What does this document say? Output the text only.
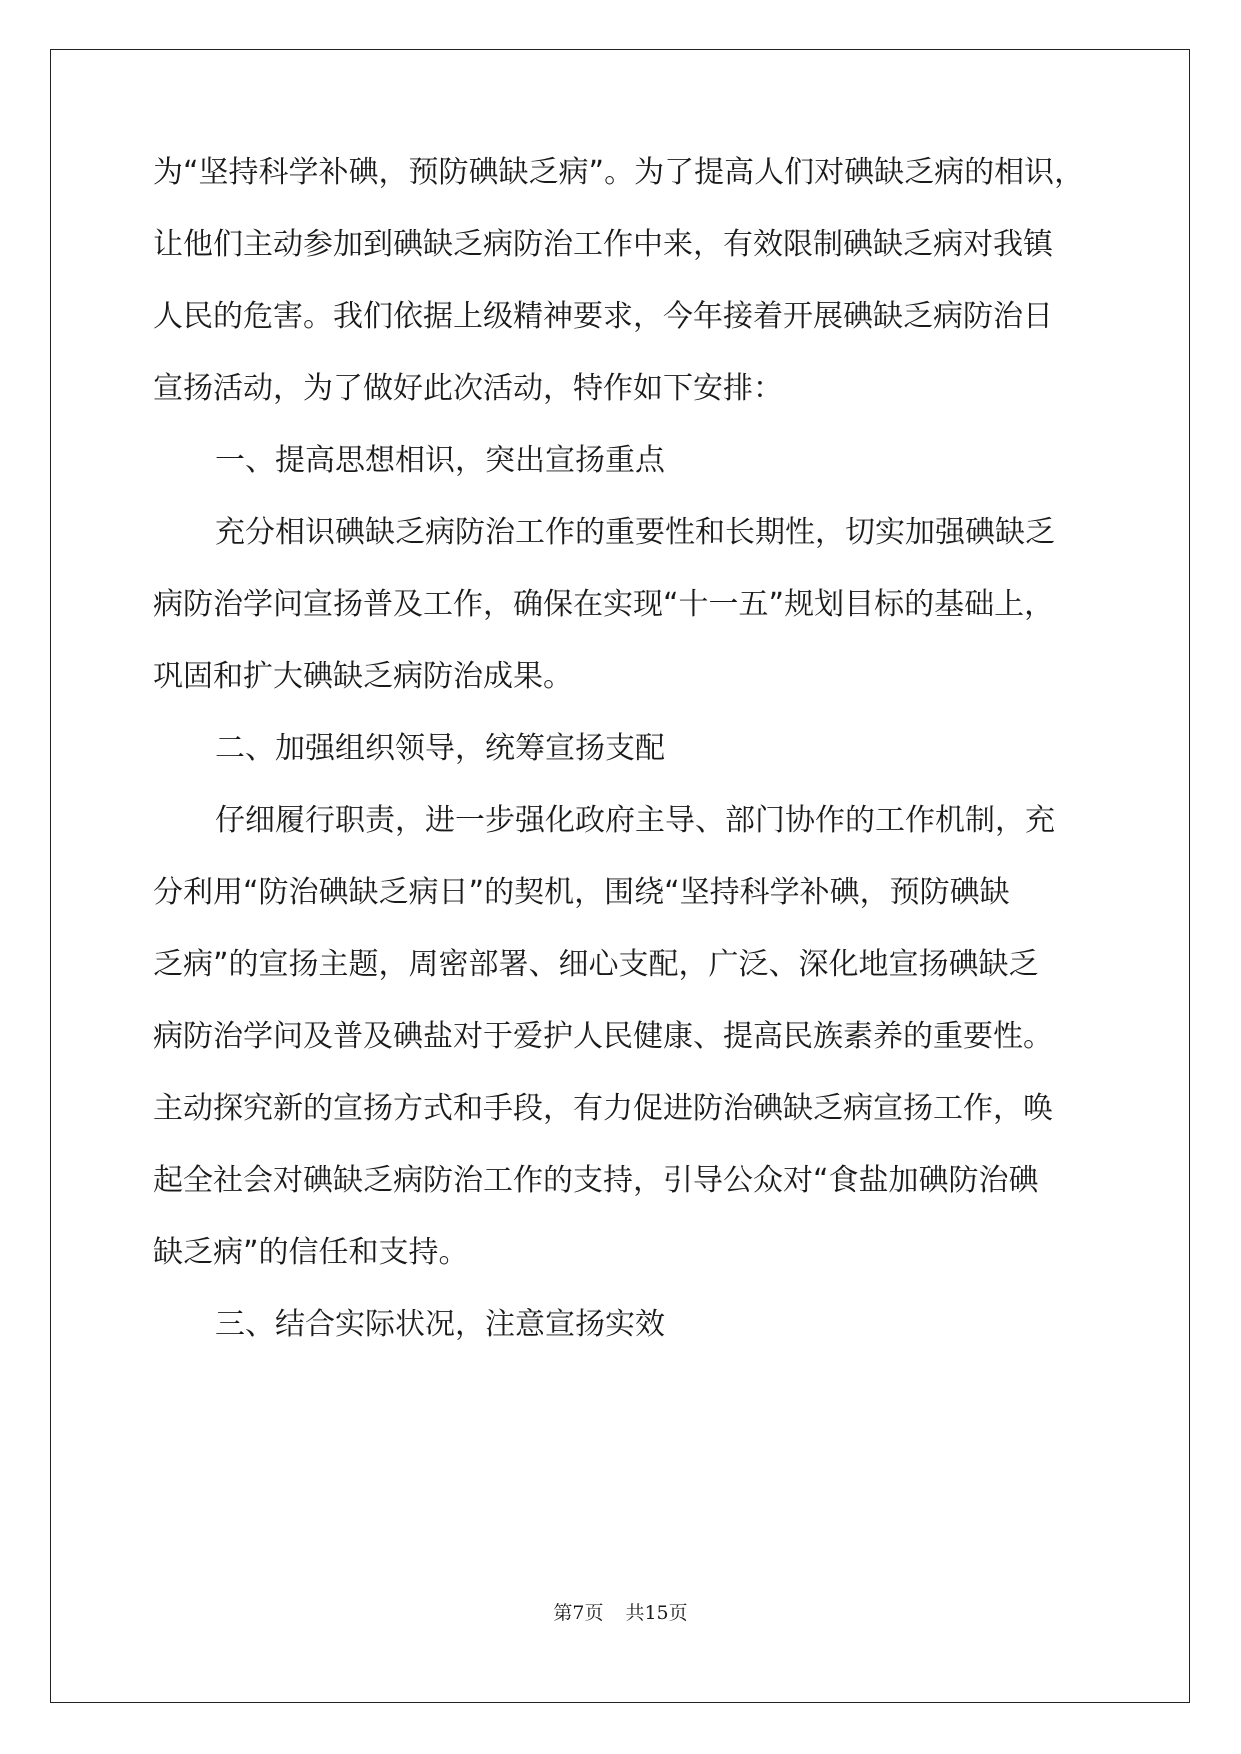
为“坚持科学补碘，预防碘缺乏病”。为了提高人们对碘缺乏病的相识，
让他们主动参加到碘缺乏病防治工作中来，有效限制碘缺乏病对我镇
人民的危害。我们依据上级精神要求，今年接着开展碘缺乏病防治日
宣扬活动，为了做好此次活动，特作如下安排：
一、提高思想相识，突出宣扬重点
充分相识碘缺乏病防治工作的重要性和长期性，切实加强碘缺乏
病防治学问宣扬普及工作，确保在实现“十一五”规划目标的基础上，
巩固和扩大碘缺乏病防治成果。
二、加强组织领导，统筹宣扬支配
仔细履行职责，进一步强化政府主导、部门协作的工作机制，充
分利用“防治碘缺乏病日”的契机，围绕“坚持科学补碘，预防碘缺
乏病”的宣扬主题，周密部署、细心支配，广泛、深化地宣扬碘缺乏
病防治学问及普及碘盐对于爱护人民健康、提高民族素养的重要性。
主动探究新的宣扬方式和手段，有力促进防治碘缺乏病宣扬工作，唤
起全社会对碘缺乏病防治工作的支持，引导公众对“食盐加碘防治碘
缺乏病”的信任和支持。
三、结合实际状况，注意宣扬实效
第7页 共15页
